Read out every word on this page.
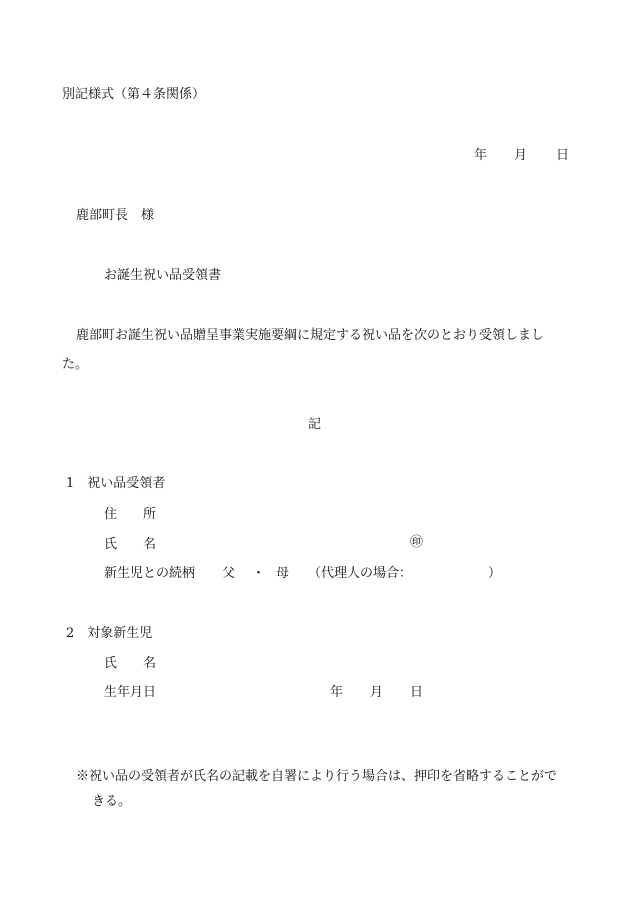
別記様式（第４条関係）
年 月 日
鹿部町長　様
お誕生祝い品受領書
鹿部町お誕生祝い品贈呈事業実施要綱に規定する祝い品を次のとおり受領しまし
た。
記
1　祝い品受領者
住　　所
氏　　名	㊞
新生児との続柄 父 ・ 母 （代理人の場合：	）
2　対象新生児
氏　　名
生年月日	年 月 日
※祝い品の受領者が氏名の記載を自署により行う場合は、押印を省略することがで
きる。
